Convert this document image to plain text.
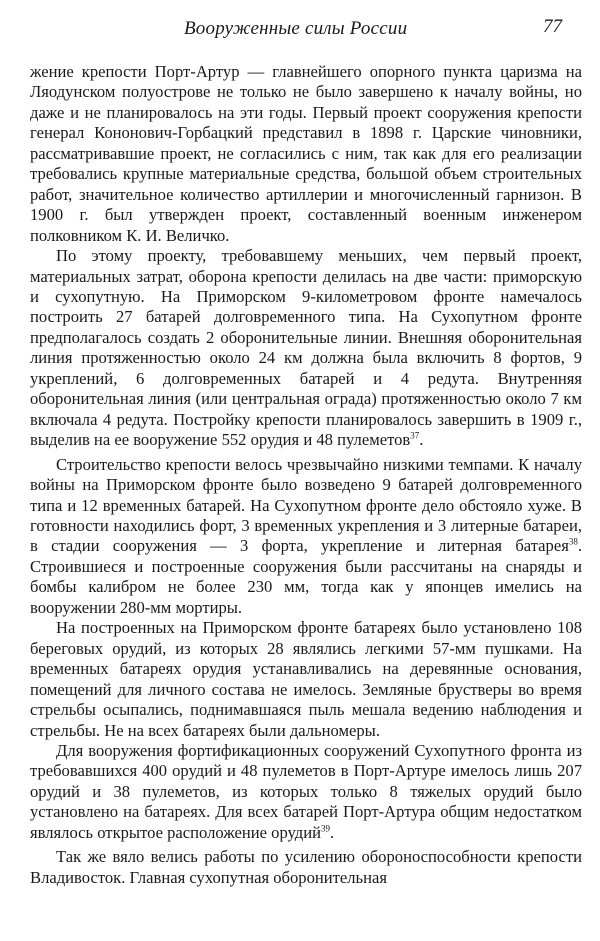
Вооруженные силы России	77

жение крепости Порт-Артур — главнейшего опорного пункта царизма на Ляодунском полуострове не только не было завершено к началу войны, но даже и не планировалось на эти годы. Первый проект сооружения крепости генерал Кононович-Горбацкий представил в 1898 г. Царские чиновники, рассматривавшие проект, не согласились с ним, так как для его реализации требовались крупные материальные средства, большой объем строительных работ, значительное количество артиллерии и многочисленный гарнизон. В 1900 г. был утвержден проект, составленный военным инженером полковником К. И. Величко.

По этому проекту, требовавшему меньших, чем первый проект, материальных затрат, оборона крепости делилась на две части: приморскую и сухопутную. На Приморском 9-километровом фронте намечалось построить 27 батарей долговременного типа. На Сухопутном фронте предполагалось создать 2 оборонительные линии. Внешняя оборонительная линия протяженностью около 24 км должна была включить 8 фортов, 9 укреплений, 6 долговременных батарей и 4 редута. Внутренняя оборонительная линия (или центральная ограда) протяженностью около 7 км включала 4 редута. Постройку крепости планировалось завершить в 1909 г., выделив на ее вооружение 552 орудия и 48 пулеметов$^{37}$.

Строительство крепости велось чрезвычайно низкими темпами. К началу войны на Приморском фронте было возведено 9 батарей долговременного типа и 12 временных батарей. На Сухопутном фронте дело обстояло хуже. В готовности находились форт, 3 временных укрепления и 3 литерные батареи, в стадии сооружения — 3 форта, укрепление и литерная батарея$^{38}$. Строившиеся и построенные сооружения были рассчитаны на снаряды и бомбы калибром не более 230 мм, тогда как у японцев имелись на вооружении 280-мм мортиры.

На построенных на Приморском фронте батареях было установлено 108 береговых орудий, из которых 28 являлись легкими 57-мм пушками. На временных батареях орудия устанавливались на деревянные основания, помещений для личного состава не имелось. Земляные брустверы во время стрельбы осыпались, поднимавшаяся пыль мешала ведению наблюдения и стрельбы. Не на всех батареях были дальномеры.

Для вооружения фортификационных сооружений Сухопутного фронта из требовавшихся 400 орудий и 48 пулеметов в Порт-Артуре имелось лишь 207 орудий и 38 пулеметов, из которых только 8 тяжелых орудий было установлено на батареях. Для всех батарей Порт-Артура общим недостатком являлось открытое расположение орудий$^{39}$.

Так же вяло велись работы по усилению обороноспособности крепости Владивосток. Главная сухопутная оборонительная
